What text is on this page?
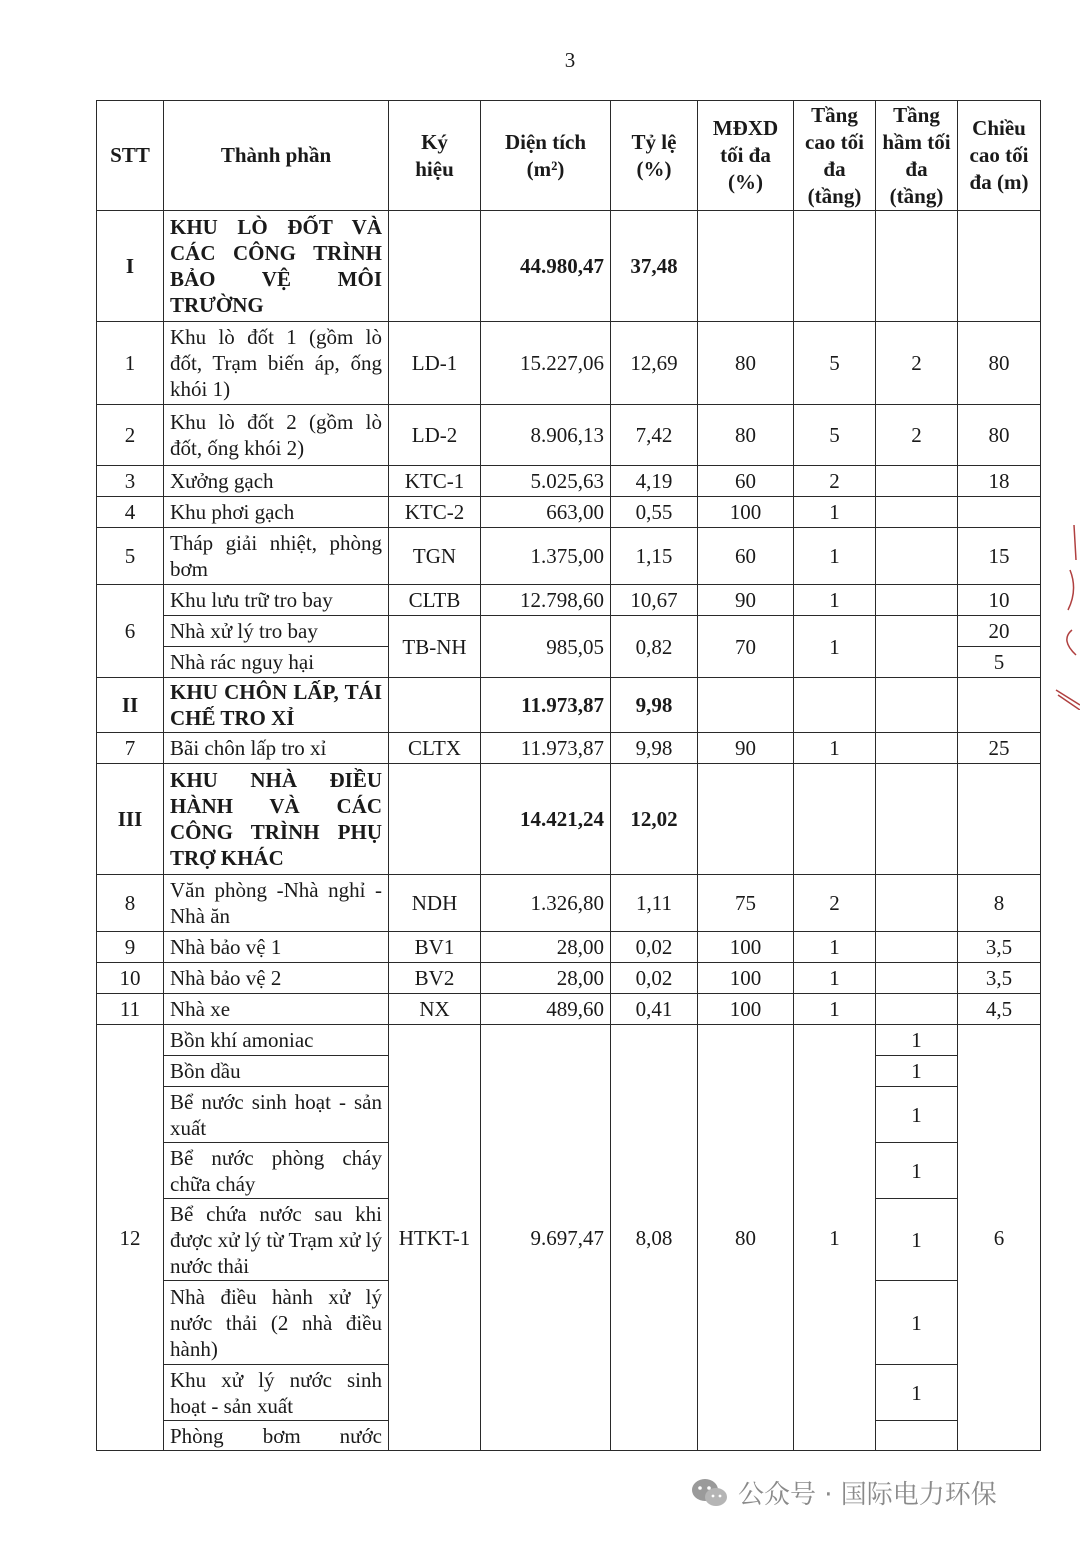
3
STT	Thành phần	Ký hiệu	Diện tích (m²)	Tỷ lệ (%)	MĐXD tối đa (%)	Tầng cao tối đa (tầng)	Tầng hầm tối đa (tầng)	Chiều cao tối đa (m)
I	KHU LÒ ĐỐT VÀ CÁC CÔNG TRÌNH BẢO VỆ MÔI TRƯỜNG		44.980,47	37,48				
1	Khu lò đốt 1 (gồm lò đốt, Trạm biến áp, ống khói 1)	LD-1	15.227,06	12,69	80	5	2	80
2	Khu lò đốt 2 (gồm lò đốt, ống khói 2)	LD-2	8.906,13	7,42	80	5	2	80
3	Xưởng gạch	KTC-1	5.025,63	4,19	60	2		18
4	Khu phơi gạch	KTC-2	663,00	0,55	100	1		
5	Tháp giải nhiệt, phòng bơm	TGN	1.375,00	1,15	60	1		15
6	Khu lưu trữ tro bay	CLTB	12.798,60	10,67	90	1		10
	Nhà xử lý tro bay	TB-NH	985,05	0,82	70	1		20
	Nhà rác nguy hại							5
II	KHU CHÔN LẤP, TÁI CHẾ TRO XỈ		11.973,87	9,98				
7	Bãi chôn lấp tro xỉ	CLTX	11.973,87	9,98	90	1		25
III	KHU NHÀ ĐIỀU HÀNH VÀ CÁC CÔNG TRÌNH PHỤ TRỢ KHÁC		14.421,24	12,02				
8	Văn phòng -Nhà nghỉ - Nhà ăn	NDH	1.326,80	1,11	75	2		8
9	Nhà bảo vệ 1	BV1	28,00	0,02	100	1		3,5
10	Nhà bảo vệ 2	BV2	28,00	0,02	100	1		3,5
11	Nhà xe	NX	489,60	0,41	100	1		4,5
12	Bồn khí amoniac	HTKT-1	9.697,47	8,08	80	1	1	6
	Bồn dầu						1	
	Bể nước sinh hoạt - sản xuất						1	
	Bể nước phòng cháy chữa cháy						1	
	Bể chứa nước sau khi được xử lý từ Trạm xử lý nước thải						1	
	Nhà điều hành xử lý nước thải (2 nhà điều hành)						1	
	Khu xử lý nước sinh hoạt - sản xuất						1	
	Phòng bơm nước							
公众号 · 国际电力环保
